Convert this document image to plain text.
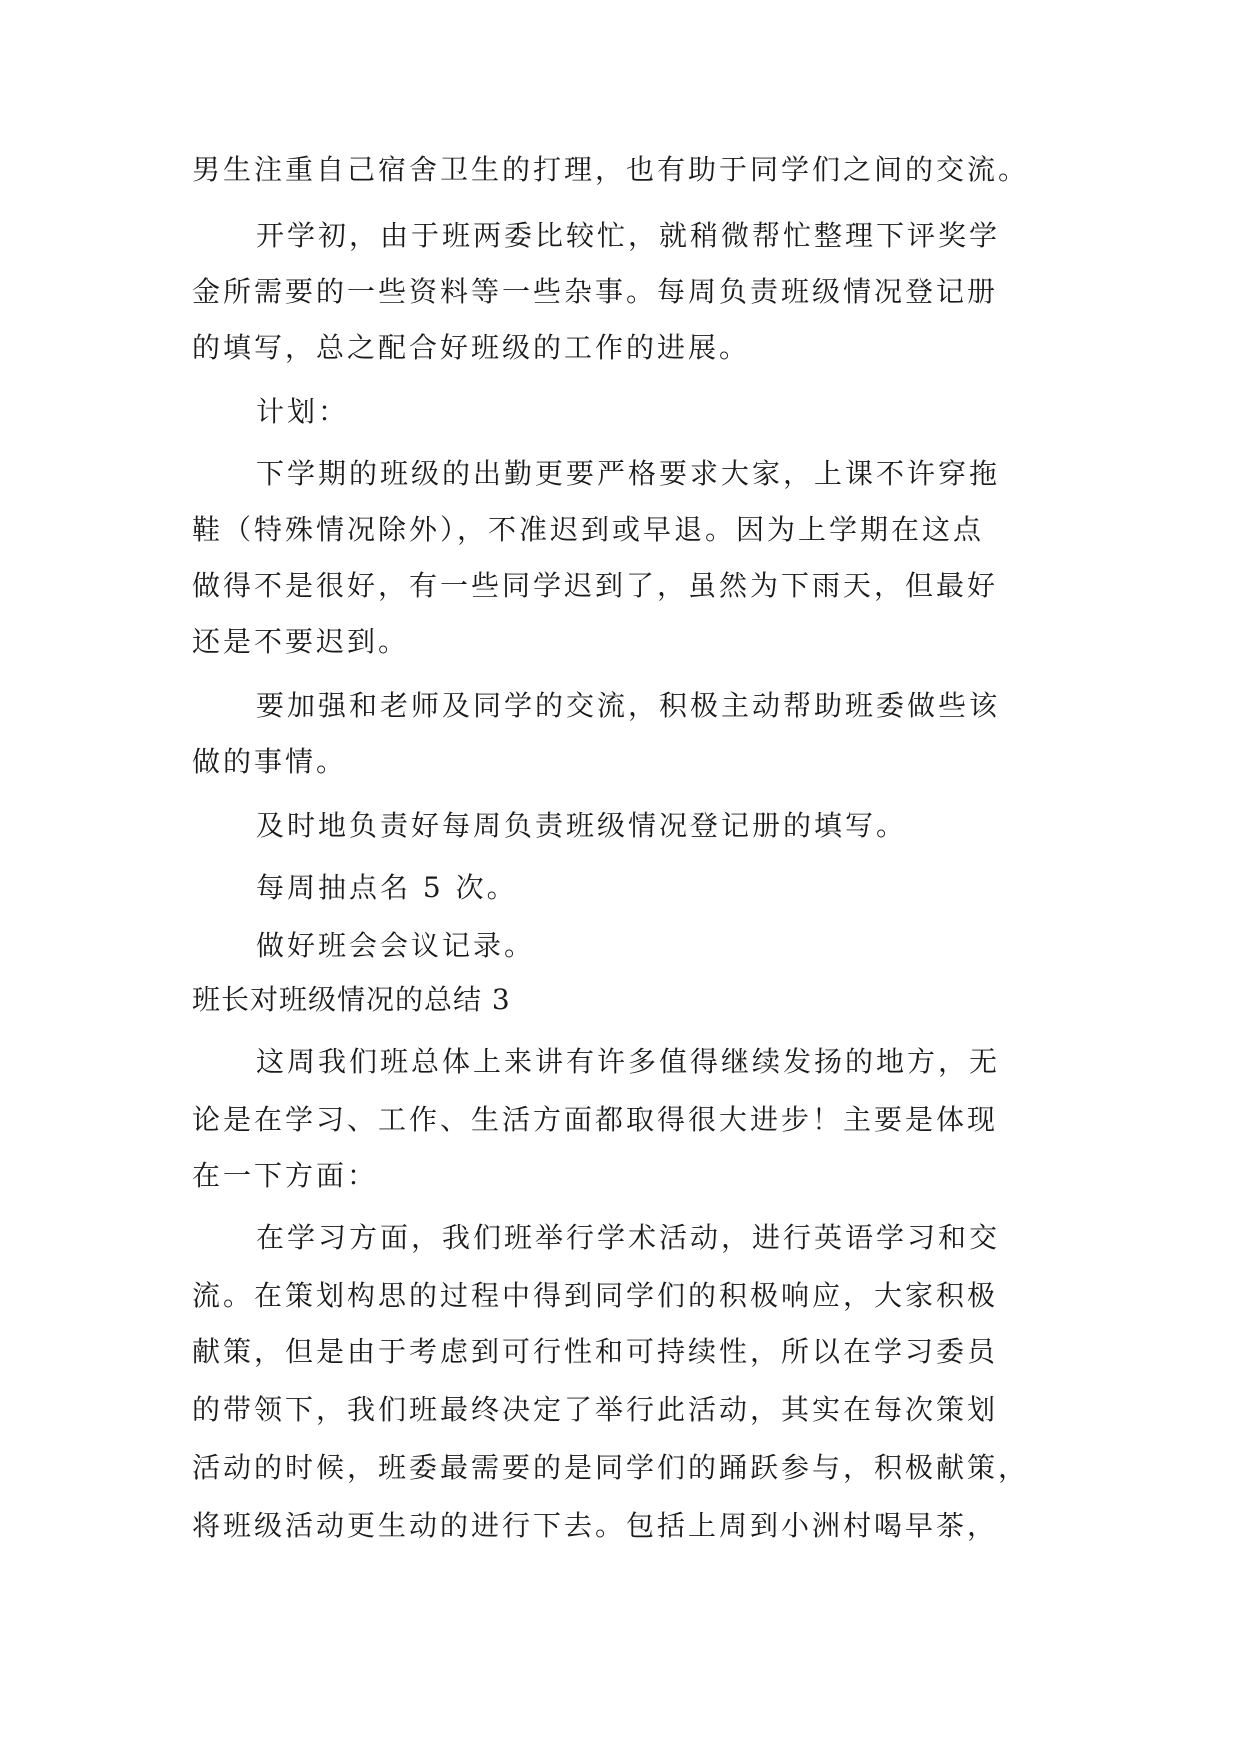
男生注重自己宿舍卫生的打理，也有助于同学们之间的交流。
开学初，由于班两委比较忙，就稍微帮忙整理下评奖学
金所需要的一些资料等一些杂事。每周负责班级情况登记册
的填写，总之配合好班级的工作的进展。
计划：
下学期的班级的出勤更要严格要求大家，上课不许穿拖
鞋（特殊情况除外），不准迟到或早退。因为上学期在这点
做得不是很好，有一些同学迟到了，虽然为下雨天，但最好
还是不要迟到。
要加强和老师及同学的交流，积极主动帮助班委做些该
做的事情。
及时地负责好每周负责班级情况登记册的填写。
每周抽点名 5 次。
做好班会会议记录。
班长对班级情况的总结 3
这周我们班总体上来讲有许多值得继续发扬的地方，无
论是在学习、工作、生活方面都取得很大进步！主要是体现
在一下方面：
在学习方面，我们班举行学术活动，进行英语学习和交
流。在策划构思的过程中得到同学们的积极响应，大家积极
献策，但是由于考虑到可行性和可持续性，所以在学习委员
的带领下，我们班最终决定了举行此活动，其实在每次策划
活动的时候，班委最需要的是同学们的踊跃参与，积极献策，
将班级活动更生动的进行下去。包括上周到小洲村喝早茶，
